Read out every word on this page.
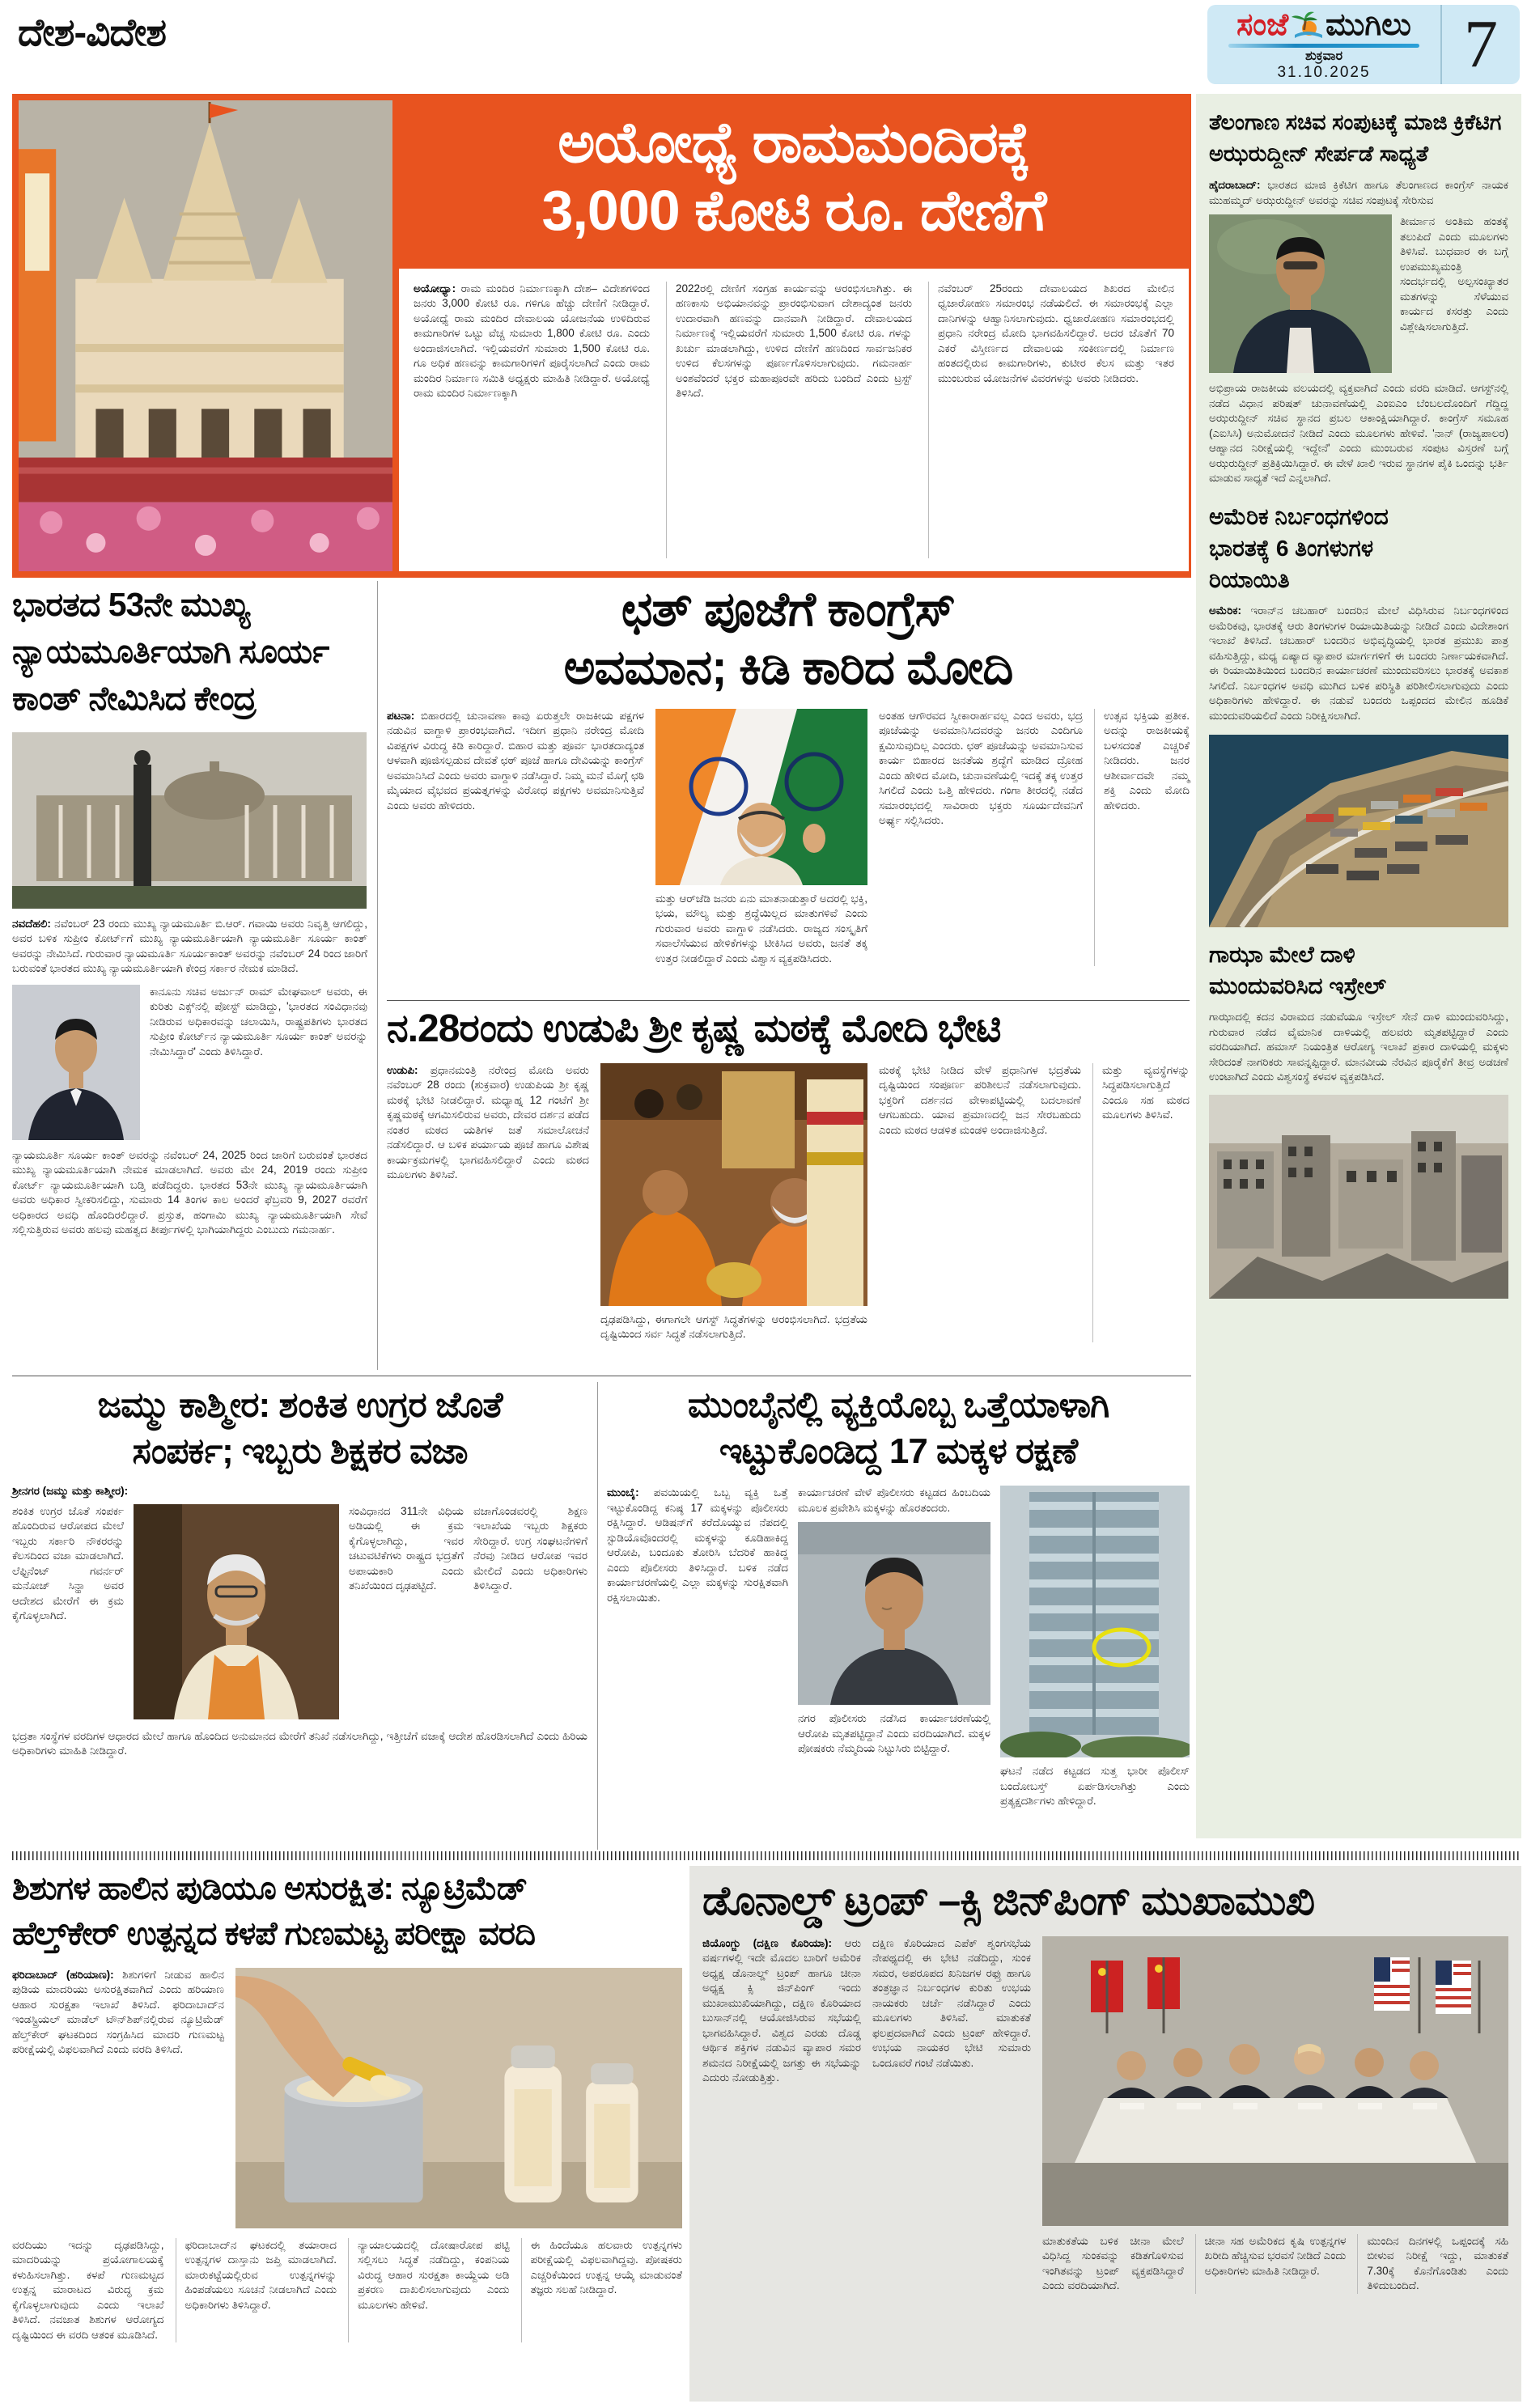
ದೇಶ-ವಿದೇಶ	ಸಂಜೆ ಮುಗಿಲು
ಶುಕ್ರವಾರ
31.10.2025 7
ಅಯೋಧ್ಯೆ ರಾಮಮಂದಿರಕ್ಕೆ
3,000 ಕೋಟಿ ರೂ. ದೇಣಿಗೆ

ಅಯೋಧ್ಯಾ: ರಾಮ ಮಂದಿರ ನಿರ್ಮಾಣಕ್ಕಾಗಿ ದೇಶ– ವಿದೇಶಗಳಿಂದ ಜನರು 3,000 ಕೋಟಿ ರೂ. ಗಳಿಗೂ ಹೆಚ್ಚು ದೇಣಿಗೆ ನೀಡಿದ್ದಾರೆ. ಅಯೋಧ್ಯೆ ರಾಮ ಮಂದಿರ ದೇವಾಲಯ ಯೋಜನೆಯ ಉಳಿದಿರುವ ಕಾಮಗಾರಿಗಳ ಒಟ್ಟು ವೆಚ್ಚ ಸುಮಾರು 1,800 ಕೋಟಿ ರೂ. ಎಂದು ಅಂದಾಜಿಸಲಾಗಿದೆ. ಇಲ್ಲಿಯವರೆಗೆ ಸುಮಾರು 1,500 ಕೋಟಿ ರೂ. ಗೂ ಅಧಿಕ ಹಣವನ್ನು ಕಾಮಗಾರಿಗಳಿಗೆ ಪೂರೈಸಲಾಗಿದೆ ಎಂದು ರಾಮ ಮಂದಿರ ನಿರ್ಮಾಣ ಸಮಿತಿ ಅಧ್ಯಕ್ಷರು ಮಾಹಿತಿ ನೀಡಿದ್ದಾರೆ. ಅಯೋಧ್ಯೆ ರಾಮ ಮಂದಿರ ನಿರ್ಮಾಣಕ್ಕಾಗಿ

2022ರಲ್ಲಿ ದೇಣಿಗೆ ಸಂಗ್ರಹ ಕಾರ್ಯವನ್ನು ಆರಂಭಿಸಲಾಗಿತ್ತು. ಈ ಹಣಕಾಸು ಅಭಿಯಾನವನ್ನು ಪ್ರಾರಂಭಿಸುವಾಗ ದೇಶಾದ್ಯಂತ ಜನರು ಉದಾರವಾಗಿ ಹಣವನ್ನು ದಾನವಾಗಿ ನೀಡಿದ್ದಾರೆ. ದೇವಾಲಯದ ನಿರ್ಮಾಣಕ್ಕೆ ಇಲ್ಲಿಯವರೆಗೆ ಸುಮಾರು 1,500 ಕೋಟಿ ರೂ. ಗಳನ್ನು ಖರ್ಚು ಮಾಡಲಾಗಿದ್ದು, ಉಳಿದ ದೇಣಿಗೆ ಹಣದಿಂದ ಸಾರ್ವಜನಿಕರ ಉಳಿದ ಕೆಲಸಗಳನ್ನು ಪೂರ್ಣಗೊಳಿಸಲಾಗುವುದು. ಗಮನಾರ್ಹ ಅಂಶವೆಂದರೆ ಭಕ್ತರ ಮಹಾಪೂರವೇ ಹರಿದು ಬಂದಿದೆ ಎಂದು ಟ್ರಸ್ಟ್ ತಿಳಿಸಿದೆ.

ನವೆಂಬರ್ 25ರಂದು ದೇವಾಲಯದ ಶಿಖರದ ಮೇಲಿನ ಧ್ವಜಾರೋಹಣ ಸಮಾರಂಭ ನಡೆಯಲಿದೆ. ಈ ಸಮಾರಂಭಕ್ಕೆ ಎಲ್ಲಾ ದಾನಿಗಳನ್ನು ಆಹ್ವಾನಿಸಲಾಗುವುದು. ಧ್ವಜಾರೋಹಣ ಸಮಾರಂಭದಲ್ಲಿ ಪ್ರಧಾನಿ ನರೇಂದ್ರ ಮೋದಿ ಭಾಗವಹಿಸಲಿದ್ದಾರೆ. ಅದರ ಜೊತೆಗೆ 70 ಎಕರೆ ವಿಸ್ತೀರ್ಣದ ದೇವಾಲಯ ಸಂಕೀರ್ಣದಲ್ಲಿ ನಿರ್ಮಾಣ ಹಂತದಲ್ಲಿರುವ ಕಾಮಗಾರಿಗಳು, ಕುಟೀರ ಕೆಲಸ ಮತ್ತು ಇತರ ಮುಂಬರುವ ಯೋಜನೆಗಳ ವಿವರಗಳನ್ನು ಅವರು ನೀಡಿದರು.

ತೆಲಂಗಾಣ ಸಚಿವ ಸಂಪುಟಕ್ಕೆ ಮಾಜಿ ಕ್ರಿಕೆಟಿಗ ಅಝರುದ್ದೀನ್ ಸೇರ್ಪಡೆ ಸಾಧ್ಯತೆ

ಹೈದರಾಬಾದ್: ಭಾರತದ ಮಾಜಿ ಕ್ರಿಕೆಟಿಗ ಹಾಗೂ ತೆಲಂಗಾಣದ ಕಾಂಗ್ರೆಸ್ ನಾಯಕ ಮುಹಮ್ಮದ್ ಅಝರುದ್ದೀನ್ ಅವರನ್ನು ಸಚಿವ ಸಂಪುಟಕ್ಕೆ ಸೇರಿಸುವ

ತೀರ್ಮಾನ ಅಂತಿಮ ಹಂತಕ್ಕೆ ತಲುಪಿದೆ ಎಂದು ಮೂಲಗಳು ತಿಳಿಸಿವೆ. ಬುಧವಾರ ಈ ಬಗ್ಗೆ ಉಪಮುಖ್ಯಮಂತ್ರಿ ಸಂದರ್ಭದಲ್ಲಿ ಅಲ್ಪಸಂಖ್ಯಾತರ ಮತಗಳನ್ನು ಸೆಳೆಯುವ ಕಾರ್ಯದ ಕಸರತ್ತು ಎಂದು ವಿಶ್ಲೇಷಿಸಲಾಗುತ್ತಿದೆ.

ಅಭಿಪ್ರಾಯ ರಾಜಕೀಯ ವಲಯದಲ್ಲಿ ವ್ಯಕ್ತವಾಗಿದೆ ಎಂದು ವರದಿ ಮಾಡಿದೆ. ಆಗಸ್ಟ್‌ನಲ್ಲಿ ನಡೆದ ವಿಧಾನ ಪರಿಷತ್ ಚುನಾವಣೆಯಲ್ಲಿ ಎಂಐಎಂ ಬೆಂಬಲದೊಂದಿಗೆ ಗೆದ್ದಿದ್ದ ಅಝರುದ್ದೀನ್ ಸಚಿವ ಸ್ಥಾನದ ಪ್ರಬಲ ಆಕಾಂಕ್ಷಿಯಾಗಿದ್ದಾರೆ. ಕಾಂಗ್ರೆಸ್ ಸಮೂಹ (ಎಐಸಿಸಿ) ಅನುಮೋದನೆ ನೀಡಿದೆ ಎಂದು ಮೂಲಗಳು ಹೇಳಿವೆ. 'ನಾನ್ (ರಾಜ್ಯಪಾಲರ) ಆಹ್ವಾನದ ನಿರೀಕ್ಷೆಯಲ್ಲಿ ಇದ್ದೇನೆ' ಎಂದು ಮುಂಬರುವ ಸಂಪುಟ ವಿಸ್ತರಣೆ ಬಗ್ಗೆ ಅಝರುದ್ದೀನ್ ಪ್ರತಿಕ್ರಿಯಿಸಿದ್ದಾರೆ. ಈ ವೇಳೆ ಖಾಲಿ ಇರುವ ಸ್ಥಾನಗಳ ಪೈಕಿ ಒಂದನ್ನು ಭರ್ತಿ ಮಾಡುವ ಸಾಧ್ಯತೆ ಇದೆ ಎನ್ನಲಾಗಿದೆ.

ಅಮೆರಿಕ ನಿರ್ಬಂಧಗಳಿಂದ
ಭಾರತಕ್ಕೆ 6 ತಿಂಗಳುಗಳ
ರಿಯಾಯಿತಿ

ಅಮೆರಿಕ: ಇರಾನ್‌ನ ಚಬಹಾರ್ ಬಂದರಿನ ಮೇಲೆ ವಿಧಿಸಿರುವ ನಿರ್ಬಂಧಗಳಿಂದ ಅಮೆರಿಕವು, ಭಾರತಕ್ಕೆ ಆರು ತಿಂಗಳುಗಳ ರಿಯಾಯಿತಿಯನ್ನು ನೀಡಿದೆ ಎಂದು ವಿದೇಶಾಂಗ ಇಲಾಖೆ ತಿಳಿಸಿದೆ. ಚಬಹಾರ್ ಬಂದರಿನ ಅಭಿವೃದ್ಧಿಯಲ್ಲಿ ಭಾರತ ಪ್ರಮುಖ ಪಾತ್ರ ವಹಿಸುತ್ತಿದ್ದು, ಮಧ್ಯ ಏಷ್ಯಾದ ವ್ಯಾಪಾರ ಮಾರ್ಗಗಳಿಗೆ ಈ ಬಂದರು ನಿರ್ಣಾಯಕವಾಗಿದೆ. ಈ ರಿಯಾಯಿತಿಯಿಂದ ಬಂದರಿನ ಕಾರ್ಯಾಚರಣೆ ಮುಂದುವರಿಸಲು ಭಾರತಕ್ಕೆ ಅವಕಾಶ ಸಿಗಲಿದೆ. ನಿರ್ಬಂಧಗಳ ಅವಧಿ ಮುಗಿದ ಬಳಿಕ ಪರಿಸ್ಥಿತಿ ಪರಿಶೀಲಿಸಲಾಗುವುದು ಎಂದು ಅಧಿಕಾರಿಗಳು ಹೇಳಿದ್ದಾರೆ. ಈ ನಡುವೆ ಬಂದರು ಒಪ್ಪಂದದ ಮೇಲಿನ ಹೂಡಿಕೆ ಮುಂದುವರಿಯಲಿದೆ ಎಂದು ನಿರೀಕ್ಷಿಸಲಾಗಿದೆ.

ಗಾಝಾ ಮೇಲೆ ದಾಳಿ
ಮುಂದುವರಿಸಿದ ಇಸ್ರೇಲ್

ಗಾಝಾದಲ್ಲಿ ಕದನ ವಿರಾಮದ ನಡುವೆಯೂ ಇಸ್ರೇಲ್ ಸೇನೆ ದಾಳಿ ಮುಂದುವರಿಸಿದ್ದು, ಗುರುವಾರ ನಡೆದ ವೈಮಾನಿಕ ದಾಳಿಯಲ್ಲಿ ಹಲವರು ಮೃತಪಟ್ಟಿದ್ದಾರೆ ಎಂದು ವರದಿಯಾಗಿದೆ. ಹಮಾಸ್ ನಿಯಂತ್ರಿತ ಆರೋಗ್ಯ ಇಲಾಖೆ ಪ್ರಕಾರ ದಾಳಿಯಲ್ಲಿ ಮಕ್ಕಳು ಸೇರಿದಂತೆ ನಾಗರಿಕರು ಸಾವನ್ನಪ್ಪಿದ್ದಾರೆ. ಮಾನವೀಯ ನೆರವಿನ ಪೂರೈಕೆಗೆ ತೀವ್ರ ಅಡಚಣೆ ಉಂಟಾಗಿದೆ ಎಂದು ವಿಶ್ವಸಂಸ್ಥೆ ಕಳವಳ ವ್ಯಕ್ತಪಡಿಸಿದೆ.

ಭಾರತದ 53ನೇ ಮುಖ್ಯ
ನ್ಯಾಯಮೂರ್ತಿಯಾಗಿ ಸೂರ್ಯ
ಕಾಂತ್ ನೇಮಿಸಿದ ಕೇಂದ್ರ

ನವದೆಹಲಿ: ನವೆಂಬರ್ 23 ರಂದು ಮುಖ್ಯ ನ್ಯಾಯಮೂರ್ತಿ ಬಿ.ಆರ್. ಗವಾಯಿ ಅವರು ನಿವೃತ್ತಿ ಆಗಲಿದ್ದು, ಅವರ ಬಳಿಕ ಸುಪ್ರೀಂ ಕೋರ್ಟ್‌ಗೆ ಮುಖ್ಯ ನ್ಯಾಯಮೂರ್ತಿಯಾಗಿ ನ್ಯಾಯಮೂರ್ತಿ ಸೂರ್ಯ ಕಾಂತ್ ಅವರನ್ನು ನೇಮಿಸಿದೆ. ಗುರುವಾರ ನ್ಯಾಯಮೂರ್ತಿ ಸೂರ್ಯಕಾಂತ್ ಅವರನ್ನು ನವೆಂಬರ್ 24 ರಿಂದ ಜಾರಿಗೆ ಬರುವಂತೆ ಭಾರತದ ಮುಖ್ಯ ನ್ಯಾಯಮೂರ್ತಿಯಾಗಿ ಕೇಂದ್ರ ಸರ್ಕಾರ ನೇಮಕ ಮಾಡಿದೆ.

ಕಾನೂನು ಸಚಿವ ಅರ್ಜುನ್ ರಾಮ್ ಮೇಘವಾಲ್ ಅವರು, ಈ ಕುರಿತು ಎಕ್ಸ್‌ನಲ್ಲಿ ಪೋಸ್ಟ್ ಮಾಡಿದ್ದು, 'ಭಾರತದ ಸಂವಿಧಾನವು ನೀಡಿರುವ ಅಧಿಕಾರವನ್ನು ಚಲಾಯಿಸಿ, ರಾಷ್ಟ್ರಪತಿಗಳು ಭಾರತದ ಸುಪ್ರೀಂ ಕೋರ್ಟ್‌ನ ನ್ಯಾಯಮೂರ್ತಿ ಸೂರ್ಯ ಕಾಂತ್ ಅವರನ್ನು ನೇಮಿಸಿದ್ದಾರೆ' ಎಂದು ತಿಳಿಸಿದ್ದಾರೆ.

ನ್ಯಾಯಮೂರ್ತಿ ಸೂರ್ಯ ಕಾಂತ್ ಅವರನ್ನು ನವೆಂಬರ್ 24, 2025 ರಿಂದ ಜಾರಿಗೆ ಬರುವಂತೆ ಭಾರತದ ಮುಖ್ಯ ನ್ಯಾಯಮೂರ್ತಿಯಾಗಿ ನೇಮಕ ಮಾಡಲಾಗಿದೆ. ಅವರು ಮೇ 24, 2019 ರಂದು ಸುಪ್ರೀಂ ಕೋರ್ಟ್ ನ್ಯಾಯಮೂರ್ತಿಯಾಗಿ ಬಡ್ತಿ ಪಡೆದಿದ್ದರು. ಭಾರತದ 53ನೇ ಮುಖ್ಯ ನ್ಯಾಯಮೂರ್ತಿಯಾಗಿ ಅವರು ಅಧಿಕಾರ ಸ್ವೀಕರಿಸಲಿದ್ದು, ಸುಮಾರು 14 ತಿಂಗಳ ಕಾಲ ಅಂದರೆ ಫೆಬ್ರವರಿ 9, 2027 ರವರೆಗೆ ಅಧಿಕಾರದ ಅವಧಿ ಹೊಂದಿರಲಿದ್ದಾರೆ. ಪ್ರಸ್ತುತ, ಹಂಗಾಮಿ ಮುಖ್ಯ ನ್ಯಾಯಮೂರ್ತಿಯಾಗಿ ಸೇವೆ ಸಲ್ಲಿಸುತ್ತಿರುವ ಅವರು ಹಲವು ಮಹತ್ವದ ತೀರ್ಪುಗಳಲ್ಲಿ ಭಾಗಿಯಾಗಿದ್ದರು ಎಂಬುದು ಗಮನಾರ್ಹ.

ಛತ್ ಪೂಜೆಗೆ ಕಾಂಗ್ರೆಸ್
ಅವಮಾನ; ಕಿಡಿ ಕಾರಿದ ಮೋದಿ

ಪಟನಾ: ಬಿಹಾರದಲ್ಲಿ ಚುನಾವಣಾ ಕಾವು ಏರುತ್ತಲೇ ರಾಜಕೀಯ ಪಕ್ಷಗಳ ನಡುವಿನ ವಾಗ್ದಾಳಿ ಪ್ರಾರಂಭವಾಗಿದೆ. ಇದೀಗ ಪ್ರಧಾನಿ ನರೇಂದ್ರ ಮೋದಿ ವಿಪಕ್ಷಗಳ ವಿರುದ್ಧ ಕಿಡಿ ಕಾರಿದ್ದಾರೆ. ಬಿಹಾರ ಮತ್ತು ಪೂರ್ವ ಭಾರತದಾದ್ಯಂತ ಆಳವಾಗಿ ಪೂಜಿಸಲ್ಪಡುವ ದೇವತೆ ಛಠ್ ಪೂಜೆ ಹಾಗೂ ದೇವಿಯನ್ನು ಕಾಂಗ್ರೆಸ್ ಅವಮಾನಿಸಿದೆ ಎಂದು ಅವರು ವಾಗ್ದಾಳಿ ನಡೆಸಿದ್ದಾರೆ. ನಿಮ್ಮ ಮನೆ ಮೊಗ್ಗೆ ಛಠಿ ಮೈಯಾದ ವೈಭವದ ಪ್ರಯತ್ನಗಳನ್ನು ವಿರೋಧ ಪಕ್ಷಗಳು ಅವಮಾನಿಸುತ್ತಿವೆ ಎಂದು ಅವರು ಹೇಳಿದರು.

ಮತ್ತು ಆರ್‌ಜೆಡಿ ಜನರು ಏನು ಮಾತನಾಡುತ್ತಾರೆ ಅದರಲ್ಲಿ ಭಕ್ತಿ, ಭಯ, ಮೌಲ್ಯ ಮತ್ತು ಶ್ರದ್ಧೆಯಿಲ್ಲದ ಮಾತುಗಳಿವೆ ಎಂದು ಗುರುವಾರ ಅವರು ವಾಗ್ದಾಳಿ ನಡೆಸಿದರು. ರಾಜ್ಯದ ಸಂಸ್ಕೃತಿಗೆ ಸವಾಲೆಸೆಯುವ ಹೇಳಿಕೆಗಳನ್ನು ಟೀಕಿಸಿದ ಅವರು, ಜನತೆ ತಕ್ಕ ಉತ್ತರ ನೀಡಲಿದ್ದಾರೆ ಎಂದು ವಿಶ್ವಾಸ ವ್ಯಕ್ತಪಡಿಸಿದರು.

ಅಂತಹ ಆಗೌರವದ ಸ್ವೀಕಾರಾರ್ಹವಲ್ಲ ಎಂದ ಅವರು, ಭದ್ರ ಪೂಜೆಯನ್ನು ಅವಮಾನಿಸಿದವರನ್ನು ಜನರು ಎಂದಿಗೂ ಕ್ಷಮಿಸುವುದಿಲ್ಲ ಎಂದರು. ಛಠ್ ಪೂಜೆಯನ್ನು ಅವಮಾನಿಸುವ ಕಾರ್ಯ ಬಿಹಾರದ ಜನತೆಯ ಶ್ರದ್ಧೆಗೆ ಮಾಡಿದ ದ್ರೋಹ ಎಂದು ಹೇಳಿದ ಮೋದಿ, ಚುನಾವಣೆಯಲ್ಲಿ ಇದಕ್ಕೆ ತಕ್ಕ ಉತ್ತರ ಸಿಗಲಿದೆ ಎಂದು ಒತ್ತಿ ಹೇಳಿದರು. ಗಂಗಾ ತೀರದಲ್ಲಿ ನಡೆದ ಸಮಾರಂಭದಲ್ಲಿ ಸಾವಿರಾರು ಭಕ್ತರು ಸೂರ್ಯದೇವನಿಗೆ ಅರ್ಘ್ಯ ಸಲ್ಲಿಸಿದರು.

ಉತ್ಸವ ಭಕ್ತಿಯ ಪ್ರತೀಕ. ಅದನ್ನು ರಾಜಕೀಯಕ್ಕೆ ಬಳಸದಂತೆ ಎಚ್ಚರಿಕೆ ನೀಡಿದರು. ಜನರ ಆಶೀರ್ವಾದವೇ ನಮ್ಮ ಶಕ್ತಿ ಎಂದು ಮೋದಿ ಹೇಳಿದರು.

ನ.28ರಂದು ಉಡುಪಿ ಶ್ರೀ ಕೃಷ್ಣ ಮಠಕ್ಕೆ ಮೋದಿ ಭೇಟಿ

ಉಡುಪಿ: ಪ್ರಧಾನಮಂತ್ರಿ ನರೇಂದ್ರ ಮೋದಿ ಅವರು ನವೆಂಬರ್ 28 ರಂದು (ಶುಕ್ರವಾರ) ಉಡುಪಿಯ ಶ್ರೀ ಕೃಷ್ಣ ಮಠಕ್ಕೆ ಭೇಟಿ ನೀಡಲಿದ್ದಾರೆ. ಮಧ್ಯಾಹ್ನ 12 ಗಂಟೆಗೆ ಶ್ರೀ ಕೃಷ್ಣಮಠಕ್ಕೆ ಆಗಮಿಸಲಿರುವ ಅವರು, ದೇವರ ದರ್ಶನ ಪಡೆದ ನಂತರ ಮಠದ ಯತಿಗಳ ಜತೆ ಸಮಾಲೋಚನೆ ನಡೆಸಲಿದ್ದಾರೆ. ಆ ಬಳಿಕ ಪರ್ಯಾಯ ಪೂಜೆ ಹಾಗೂ ವಿಶೇಷ ಕಾರ್ಯಕ್ರಮಗಳಲ್ಲಿ ಭಾಗವಹಿಸಲಿದ್ದಾರೆ ಎಂದು ಮಠದ ಮೂಲಗಳು ತಿಳಿಸಿವೆ.

ದೃಢಪಡಿಸಿದ್ದು, ಈಗಾಗಲೇ ಆಗಸ್ಟ್ ಸಿದ್ಧತೆಗಳನ್ನು ಆರಂಭಿಸಲಾಗಿದೆ. ಭದ್ರತೆಯ ದೃಷ್ಟಿಯಿಂದ ಸರ್ವ ಸಿದ್ಧತೆ ನಡೆಸಲಾಗುತ್ತಿದೆ.

ಮಠಕ್ಕೆ ಭೇಟಿ ನೀಡಿದ ವೇಳೆ ಪ್ರಧಾನಿಗಳ ಭದ್ರತೆಯ ದೃಷ್ಟಿಯಿಂದ ಸಂಪೂರ್ಣ ಪರಿಶೀಲನೆ ನಡೆಸಲಾಗುವುದು. ಭಕ್ತರಿಗೆ ದರ್ಶನದ ವೇಳಾಪಟ್ಟಿಯಲ್ಲಿ ಬದಲಾವಣೆ ಆಗಬಹುದು. ಯಾವ ಪ್ರಮಾಣದಲ್ಲಿ ಜನ ಸೇರಬಹುದು ಎಂದು ಮಠದ ಆಡಳಿತ ಮಂಡಳಿ ಅಂದಾಜಿಸುತ್ತಿದೆ.

ಮತ್ತು ವ್ಯವಸ್ಥೆಗಳನ್ನು ಸಿದ್ಧಪಡಿಸಲಾಗುತ್ತಿದೆ ಎಂದೂ ಸಹ ಮಠದ ಮೂಲಗಳು ತಿಳಿಸಿವೆ.

ಜಮ್ಮು ಕಾಶ್ಮೀರ: ಶಂಕಿತ ಉಗ್ರರ ಜೊತೆ
ಸಂಪರ್ಕ; ಇಬ್ಬರು ಶಿಕ್ಷಕರ ವಜಾ

ಶ್ರೀನಗರ (ಜಮ್ಮು ಮತ್ತು ಕಾಶ್ಮೀರ):

ಶಂಕಿತ ಉಗ್ರರ ಜೊತೆ ಸಂಪರ್ಕ ಹೊಂದಿರುವ ಆರೋಪದ ಮೇಲೆ ಇಬ್ಬರು ಸರ್ಕಾರಿ ನೌಕರರನ್ನು ಕೆಲಸದಿಂದ ವಜಾ ಮಾಡಲಾಗಿದೆ. ಲೆಫ್ಟಿನೆಂಟ್ ಗವರ್ನರ್ ಮನೋಜ್ ಸಿನ್ಹಾ ಅವರ ಆದೇಶದ ಮೇರೆಗೆ ಈ ಕ್ರಮ ಕೈಗೊಳ್ಳಲಾಗಿದೆ.

ಸಂವಿಧಾನದ 311ನೇ ವಿಧಿಯ ಅಡಿಯಲ್ಲಿ ಈ ಕ್ರಮ ಕೈಗೊಳ್ಳಲಾಗಿದ್ದು, ಇವರ ಚಟುವಟಿಕೆಗಳು ರಾಷ್ಟ್ರದ ಭದ್ರತೆಗೆ ಅಪಾಯಕಾರಿ ಎಂದು ತನಿಖೆಯಿಂದ ದೃಢಪಟ್ಟಿದೆ.

ವಜಾಗೊಂಡವರಲ್ಲಿ ಶಿಕ್ಷಣ ಇಲಾಖೆಯ ಇಬ್ಬರು ಶಿಕ್ಷಕರು ಸೇರಿದ್ದಾರೆ. ಉಗ್ರ ಸಂಘಟನೆಗಳಿಗೆ ನೆರವು ನೀಡಿದ ಆರೋಪ ಇವರ ಮೇಲಿದೆ ಎಂದು ಅಧಿಕಾರಿಗಳು ತಿಳಿಸಿದ್ದಾರೆ.

ಭದ್ರತಾ ಸಂಸ್ಥೆಗಳ ವರದಿಗಳ ಆಧಾರದ ಮೇಲೆ ಹಾಗೂ ಹೊಂದಿದ ಅನುಮಾನದ ಮೇರೆಗೆ ತನಿಖೆ ನಡೆಸಲಾಗಿದ್ದು, ಇತ್ತೀಚೆಗೆ ವಜಾಕ್ಕೆ ಆದೇಶ ಹೊರಡಿಸಲಾಗಿದೆ ಎಂದು ಹಿರಿಯ ಅಧಿಕಾರಿಗಳು ಮಾಹಿತಿ ನೀಡಿದ್ದಾರೆ.

ಮುಂಬೈನಲ್ಲಿ ವ್ಯಕ್ತಿಯೊಬ್ಬ ಒತ್ತೆಯಾಳಾಗಿ
ಇಟ್ಟುಕೊಂಡಿದ್ದ 17 ಮಕ್ಕಳ ರಕ್ಷಣೆ

ಮುಂಬೈ: ಪವಯಿಯಲ್ಲಿ ಒಬ್ಬ ವ್ಯಕ್ತಿ ಒತ್ತೆ ಇಟ್ಟುಕೊಂಡಿದ್ದ ಕನಿಷ್ಠ 17 ಮಕ್ಕಳನ್ನು ಪೊಲೀಸರು ರಕ್ಷಿಸಿದ್ದಾರೆ. ಆಡಿಷನ್‌ಗೆ ಕರೆದೊಯ್ಯುವ ನೆಪದಲ್ಲಿ ಸ್ಟುಡಿಯೊವೊಂದರಲ್ಲಿ ಮಕ್ಕಳನ್ನು ಕೂಡಿಹಾಕಿದ್ದ ಆರೋಪಿ, ಬಂದೂಕು ತೋರಿಸಿ ಬೆದರಿಕೆ ಹಾಕಿದ್ದ ಎಂದು ಪೊಲೀಸರು ತಿಳಿಸಿದ್ದಾರೆ. ಬಳಿಕ ನಡೆದ ಕಾರ್ಯಾಚರಣೆಯಲ್ಲಿ ಎಲ್ಲಾ ಮಕ್ಕಳನ್ನು ಸುರಕ್ಷಿತವಾಗಿ ರಕ್ಷಿಸಲಾಯಿತು.

ಕಾರ್ಯಾಚರಣೆ ವೇಳೆ ಪೊಲೀಸರು ಕಟ್ಟಡದ ಹಿಂಬದಿಯ ಮೂಲಕ ಪ್ರವೇಶಿಸಿ ಮಕ್ಕಳನ್ನು ಹೊರತಂದರು.

ನಗರ ಪೊಲೀಸರು ನಡೆಸಿದ ಕಾರ್ಯಾಚರಣೆಯಲ್ಲಿ ಆರೋಪಿ ಮೃತಪಟ್ಟಿದ್ದಾನೆ ಎಂದು ವರದಿಯಾಗಿದೆ. ಮಕ್ಕಳ ಪೋಷಕರು ನೆಮ್ಮದಿಯ ನಿಟ್ಟುಸಿರು ಬಿಟ್ಟಿದ್ದಾರೆ.

ಘಟನೆ ನಡೆದ ಕಟ್ಟಡದ ಸುತ್ತ ಭಾರೀ ಪೊಲೀಸ್ ಬಂದೋಬಸ್ತ್ ಏರ್ಪಡಿಸಲಾಗಿತ್ತು ಎಂದು ಪ್ರತ್ಯಕ್ಷದರ್ಶಿಗಳು ಹೇಳಿದ್ದಾರೆ.

ಶಿಶುಗಳ ಹಾಲಿನ ಪುಡಿಯೂ ಅಸುರಕ್ಷಿತ: ನ್ಯೂಟ್ರಿಮೆಡ್
ಹೆಲ್ತ್‌ಕೇರ್ ಉತ್ಪನ್ನದ ಕಳಪೆ ಗುಣಮಟ್ಟ ಪರೀಕ್ಷಾ ವರದಿ

ಫರಿದಾಬಾದ್ (ಹರಿಯಾಣ): ಶಿಶುಗಳಿಗೆ ನೀಡುವ ಹಾಲಿನ ಪುಡಿಯ ಮಾದರಿಯು ಅಸುರಕ್ಷಿತವಾಗಿದೆ ಎಂದು ಹರಿಯಾಣ ಆಹಾರ ಸುರಕ್ಷತಾ ಇಲಾಖೆ ತಿಳಿಸಿದೆ. ಫರಿದಾಬಾದ್‌ನ ಇಂಡಸ್ಟ್ರಿಯಲ್ ಮಾಡೆಲ್ ಟೌನ್‌ಶಿಪ್‌ನಲ್ಲಿರುವ ನ್ಯೂಟ್ರಿಮೆಡ್ ಹೆಲ್ತ್‌ಕೇರ್ ಘಟಕದಿಂದ ಸಂಗ್ರಹಿಸಿದ ಮಾದರಿ ಗುಣಮಟ್ಟ ಪರೀಕ್ಷೆಯಲ್ಲಿ ವಿಫಲವಾಗಿದೆ ಎಂದು ವರದಿ ತಿಳಿಸಿದೆ.

ವರದಿಯು ಇದನ್ನು ದೃಢಪಡಿಸಿದ್ದು, ಮಾದರಿಯನ್ನು ಪ್ರಯೋಗಾಲಯಕ್ಕೆ ಕಳುಹಿಸಲಾಗಿತ್ತು. ಕಳಪೆ ಗುಣಮಟ್ಟದ ಉತ್ಪನ್ನ ಮಾರಾಟದ ವಿರುದ್ಧ ಕ್ರಮ ಕೈಗೊಳ್ಳಲಾಗುವುದು ಎಂದು ಇಲಾಖೆ ತಿಳಿಸಿದೆ. ನವಜಾತ ಶಿಶುಗಳ ಆರೋಗ್ಯದ ದೃಷ್ಟಿಯಿಂದ ಈ ವರದಿ ಆತಂಕ ಮೂಡಿಸಿದೆ.

ಫರಿದಾಬಾದ್‌ನ ಘಟಕದಲ್ಲಿ ತಯಾರಾದ ಉತ್ಪನ್ನಗಳ ದಾಸ್ತಾನು ಜಪ್ತಿ ಮಾಡಲಾಗಿದೆ. ಮಾರುಕಟ್ಟೆಯಲ್ಲಿರುವ ಉತ್ಪನ್ನಗಳನ್ನು ಹಿಂಪಡೆಯಲು ಸೂಚನೆ ನೀಡಲಾಗಿದೆ ಎಂದು ಅಧಿಕಾರಿಗಳು ತಿಳಿಸಿದ್ದಾರೆ.

ನ್ಯಾಯಾಲಯದಲ್ಲಿ ದೋಷಾರೋಪ ಪಟ್ಟಿ ಸಲ್ಲಿಸಲು ಸಿದ್ಧತೆ ನಡೆದಿದ್ದು, ಕಂಪನಿಯ ವಿರುದ್ಧ ಆಹಾರ ಸುರಕ್ಷತಾ ಕಾಯ್ದೆಯ ಅಡಿ ಪ್ರಕರಣ ದಾಖಲಿಸಲಾಗುವುದು ಎಂದು ಮೂಲಗಳು ಹೇಳಿವೆ.

ಈ ಹಿಂದೆಯೂ ಹಲವಾರು ಉತ್ಪನ್ನಗಳು ಪರೀಕ್ಷೆಯಲ್ಲಿ ವಿಫಲವಾಗಿದ್ದವು. ಪೋಷಕರು ಎಚ್ಚರಿಕೆಯಿಂದ ಉತ್ಪನ್ನ ಆಯ್ಕೆ ಮಾಡುವಂತೆ ತಜ್ಞರು ಸಲಹೆ ನೀಡಿದ್ದಾರೆ.

ಡೊನಾಲ್ಡ್ ಟ್ರಂಪ್ –ಕ್ಸಿ ಜಿನ್‌ಪಿಂಗ್ ಮುಖಾಮುಖಿ

ಜಿಯೊಂಗ್ಜು (ದಕ್ಷಿಣ ಕೊರಿಯಾ): ಆರು ವರ್ಷಗಳಲ್ಲಿ ಇದೇ ಮೊದಲ ಬಾರಿಗೆ ಅಮೆರಿಕ ಅಧ್ಯಕ್ಷ ಡೊನಾಲ್ಡ್ ಟ್ರಂಪ್ ಹಾಗೂ ಚೀನಾ ಅಧ್ಯಕ್ಷ ಕ್ಸಿ ಜಿನ್‌ಪಿಂಗ್ ಇಂದು ಮುಖಾಮುಖಿಯಾಗಿದ್ದು, ದಕ್ಷಿಣ ಕೊರಿಯಾದ ಬುಸಾನ್‌ನಲ್ಲಿ ಆಯೋಜಿಸಿರುವ ಸಭೆಯಲ್ಲಿ ಭಾಗವಹಿಸಿದ್ದಾರೆ. ವಿಶ್ವದ ಎರಡು ದೊಡ್ಡ ಆರ್ಥಿಕ ಶಕ್ತಿಗಳ ನಡುವಿನ ವ್ಯಾಪಾರ ಸಮರ ಶಮನದ ನಿರೀಕ್ಷೆಯಲ್ಲಿ ಜಗತ್ತು ಈ ಸಭೆಯನ್ನು ಎದುರು ನೋಡುತ್ತಿತ್ತು.

ದಕ್ಷಿಣ ಕೊರಿಯಾದ ಎಪೆಕ್ ಶೃಂಗಸಭೆಯ ನೇಪಥ್ಯದಲ್ಲಿ ಈ ಭೇಟಿ ನಡೆದಿದ್ದು, ಸುಂಕ ಸಮರ, ಅಪರೂಪದ ಖನಿಜಗಳ ರಫ್ತು ಹಾಗೂ ತಂತ್ರಜ್ಞಾನ ನಿರ್ಬಂಧಗಳ ಕುರಿತು ಉಭಯ ನಾಯಕರು ಚರ್ಚೆ ನಡೆಸಿದ್ದಾರೆ ಎಂದು ಮೂಲಗಳು ತಿಳಿಸಿವೆ. ಮಾತುಕತೆ ಫಲಪ್ರದವಾಗಿದೆ ಎಂದು ಟ್ರಂಪ್ ಹೇಳಿದ್ದಾರೆ. ಉಭಯ ನಾಯಕರ ಭೇಟಿ ಸುಮಾರು ಒಂದೂವರೆ ಗಂಟೆ ನಡೆಯಿತು.

ಮಾತುಕತೆಯ ಬಳಿಕ ಚೀನಾ ಮೇಲೆ ವಿಧಿಸಿದ್ದ ಸುಂಕವನ್ನು ಕಡಿತಗೊಳಿಸುವ ಇಂಗಿತವನ್ನು ಟ್ರಂಪ್ ವ್ಯಕ್ತಪಡಿಸಿದ್ದಾರೆ ಎಂದು ವರದಿಯಾಗಿದೆ.

ಚೀನಾ ಸಹ ಅಮೆರಿಕದ ಕೃಷಿ ಉತ್ಪನ್ನಗಳ ಖರೀದಿ ಹೆಚ್ಚಿಸುವ ಭರವಸೆ ನೀಡಿದೆ ಎಂದು ಅಧಿಕಾರಿಗಳು ಮಾಹಿತಿ ನೀಡಿದ್ದಾರೆ.

ಮುಂದಿನ ದಿನಗಳಲ್ಲಿ ಒಪ್ಪಂದಕ್ಕೆ ಸಹಿ ಬೀಳುವ ನಿರೀಕ್ಷೆ ಇದ್ದು, ಮಾತುಕತೆ 7.30ಕ್ಕೆ ಕೊನೆಗೊಂಡಿತು ಎಂದು ತಿಳಿದುಬಂದಿದೆ.
